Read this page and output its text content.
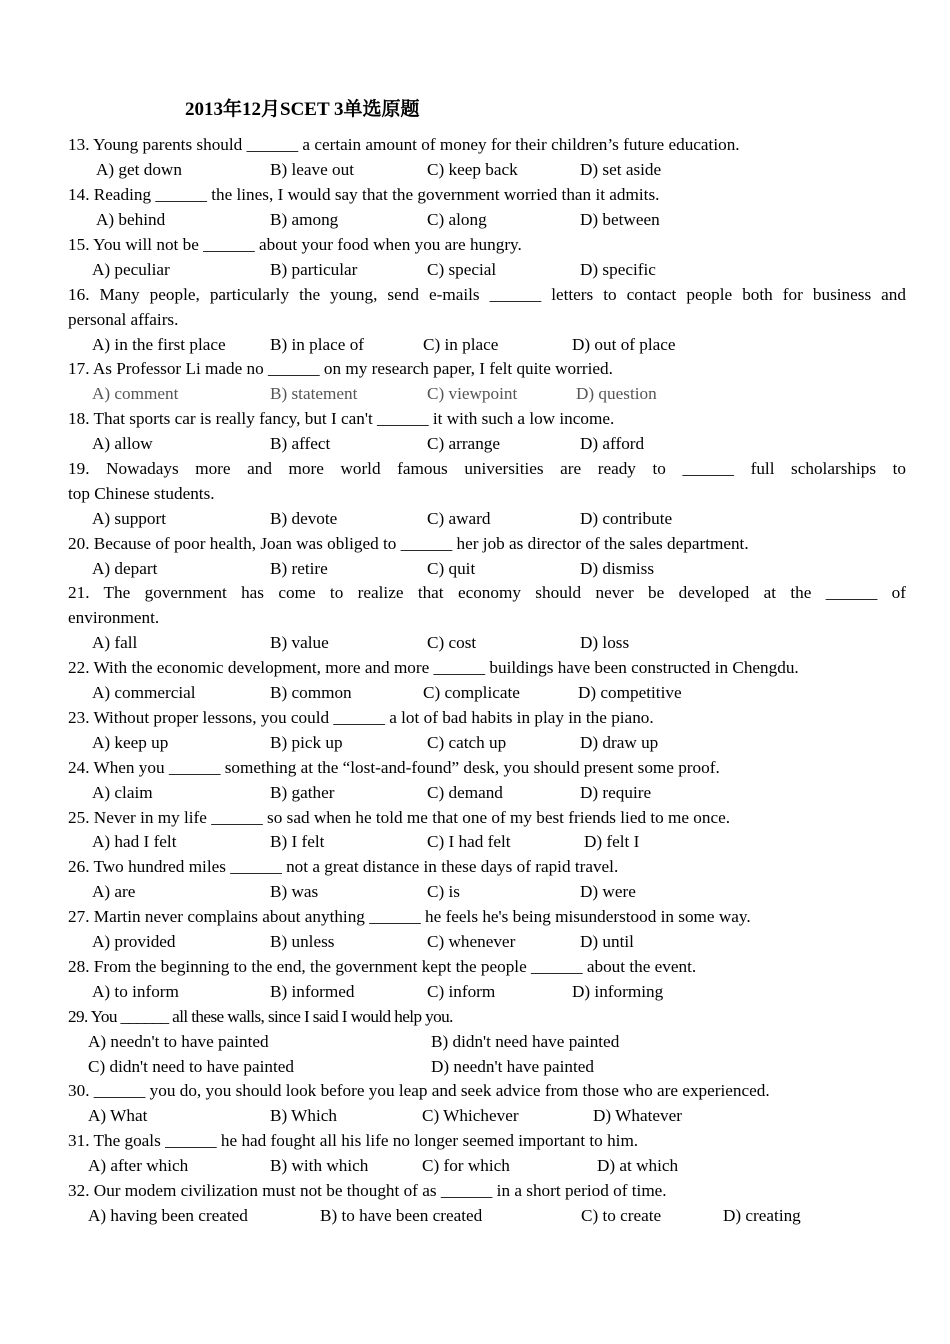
2013年12月SCET 3单选原题
13. Young parents should ______ a certain amount of money for their children’s future education.
A) get down	B) leave out	C) keep back	D) set aside
14. Reading ______ the lines, I would say that the government worried than it admits.
A) behind	B) among	C) along	D) between
15. You will not be ______ about your food when you are hungry.
A) peculiar	B) particular	C) special	D) specific
16. Many people, particularly the young, send e-mails ______ letters to contact people both for business and
personal affairs.
A) in the first place	B) in place of	C) in place	D) out of place
17. As Professor Li made no ______ on my research paper, I felt quite worried.
A) comment	B) statement	C) viewpoint	D) question
18. That sports car is really fancy, but I can't ______ it with such a low income.
A) allow	B) affect	C) arrange	D) afford
19. Nowadays more and more world famous universities are ready to ______ full scholarships to
top Chinese students.
A) support	B) devote	C) award	D) contribute
20. Because of poor health, Joan was obliged to ______ her job as director of the sales department.
A) depart	B) retire	C) quit	D) dismiss
21. The government has come to realize that economy should never be developed at the ______ of
environment.
A) fall	B) value	C) cost	D) loss
22. With the economic development, more and more ______ buildings have been constructed in Chengdu.
A) commercial	B) common	C) complicate	D) competitive
23. Without proper lessons, you could ______ a lot of bad habits in play in the piano.
A) keep up	B) pick up	C) catch up	D) draw up
24. When you ______ something at the “lost-and-found” desk, you should present some proof.
A) claim	B) gather	C) demand	D) require
25. Never in my life ______ so sad when he told me that one of my best friends lied to me once.
A) had I felt	B) I felt	C) I had felt	D) felt I
26. Two hundred miles ______ not a great distance in these days of rapid travel.
A) are	B) was	C) is	D) were
27. Martin never complains about anything ______ he feels he's being misunderstood in some way.
A) provided	B) unless	C) whenever	D) until
28. From the beginning to the end, the government kept the people ______ about the event.
A) to inform	B) informed	C) inform	D) informing
29. You ______ all these walls, since I said I would help you.
A) needn't to have painted	B) didn't need have painted
C) didn't need to have painted	D) needn't have painted
30. ______ you do, you should look before you leap and seek advice from those who are experienced.
A) What	B) Which	C) Whichever	D) Whatever
31. The goals ______ he had fought all his life no longer seemed important to him.
A) after which	B) with which	C) for which	D) at which
32. Our modem civilization must not be thought of as ______ in a short period of time.
A) having been created	B) to have been created	C) to create	D) creating
